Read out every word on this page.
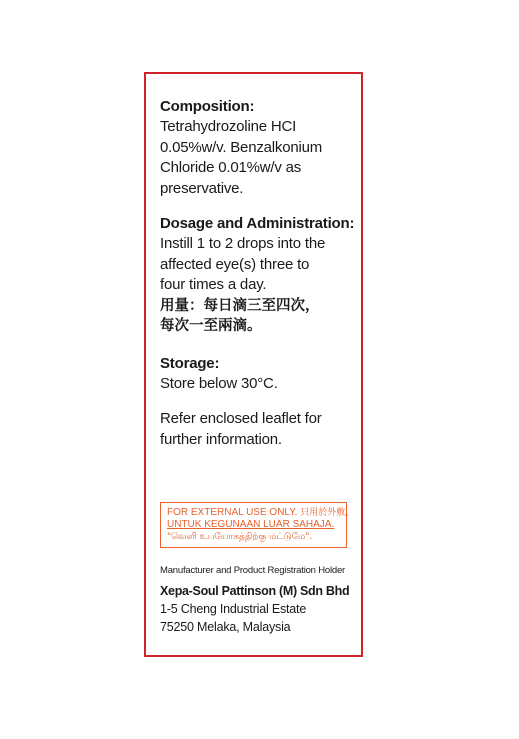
Composition:

Tetrahydrozoline HCI

0.05%w/v. Benzalkonium

Chloride 0.01%w/v as

preservative.

Dosage and Administration:

Instill 1 to 2 drops into the

affected eye(s) three to

four times a day.

用量：每日滴三至四次，

每次一至兩滴。

Storage:

Store below 30°C.

Refer enclosed leaflet for

further information.

FOR EXTERNAL USE ONLY. 只用於外敷。
UNTUK KEGUNAAN LUAR SAHAJA.
"வெளி உபயோகத்திற்கு மட்டுமே".

Manufacturer and Product Registration Holder

Xepa-Soul Pattinson (M) Sdn Bhd

1-5 Cheng Industrial Estate

75250 Melaka, Malaysia
